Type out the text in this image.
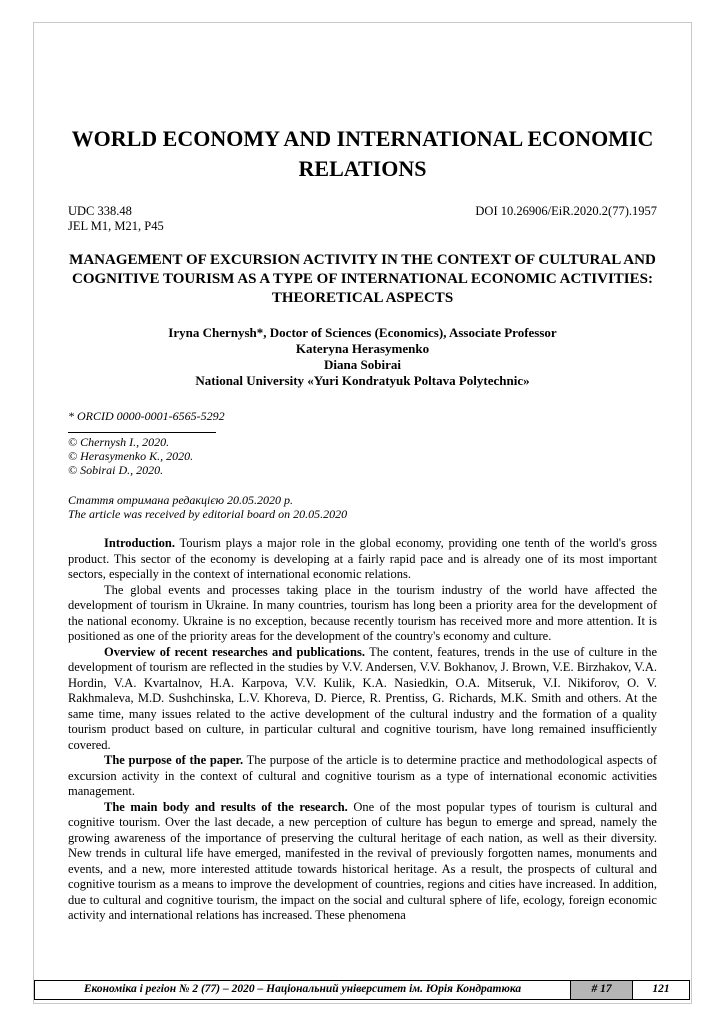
WORLD ECONOMY AND INTERNATIONAL ECONOMIC RELATIONS
UDC 338.48
JEL M1, M21, P45
DOI 10.26906/EiR.2020.2(77).1957
MANAGEMENT OF EXCURSION ACTIVITY IN THE CONTEXT OF CULTURAL AND COGNITIVE TOURISM AS A TYPE OF INTERNATIONAL ECONOMIC ACTIVITIES: THEORETICAL ASPECTS
Iryna Chernysh*, Doctor of Sciences (Economics), Associate Professor
Kateryna Herasymenko
Diana Sobirai
National University «Yuri Kondratyuk Poltava Polytechnic»
* ORCID 0000-0001-6565-5292
© Chernysh I., 2020.
© Herasymenko K., 2020.
© Sobirai D., 2020.
Стаття отримана редакцією 20.05.2020 р.
The article was received by editorial board on 20.05.2020

Introduction. Tourism plays a major role in the global economy, providing one tenth of the world's gross product. This sector of the economy is developing at a fairly rapid pace and is already one of its most important sectors, especially in the context of international economic relations.

The global events and processes taking place in the tourism industry of the world have affected the development of tourism in Ukraine. In many countries, tourism has long been a priority area for the development of the national economy. Ukraine is no exception, because recently tourism has received more and more attention. It is positioned as one of the priority areas for the development of the country's economy and culture.

Overview of recent researches and publications. The content, features, trends in the use of culture in the development of tourism are reflected in the studies by V.V. Andersen, V.V. Bokhanov, J. Brown, V.E. Birzhakov, V.A. Hordin, V.A. Kvartalnov, H.A. Karpova, V.V. Kulik, K.A. Nasiedkin, O.A. Mitseruk, V.I. Nikiforov, O. V. Rakhmaleva, M.D. Sushchinska, L.V. Khoreva, D. Pierce, R. Prentiss, G. Richards, M.K. Smith and others. At the same time, many issues related to the active development of the cultural industry and the formation of a quality tourism product based on culture, in particular cultural and cognitive tourism, have long remained insufficiently covered.

The purpose of the paper. The purpose of the article is to determine practice and methodological aspects of excursion activity in the context of cultural and cognitive tourism as a type of international economic activities management.

The main body and results of the research. One of the most popular types of tourism is cultural and cognitive tourism. Over the last decade, a new perception of culture has begun to emerge and spread, namely the growing awareness of the importance of preserving the cultural heritage of each nation, as well as their diversity. New trends in cultural life have emerged, manifested in the revival of previously forgotten names, monuments and events, and a new, more interested attitude towards historical heritage. As a result, the prospects of cultural and cognitive tourism as a means to improve the development of countries, regions and cities have increased. In addition, due to cultural and cognitive tourism, the impact on the social and cultural sphere of life, ecology, foreign economic activity and international relations has increased. These phenomena

Економіка і регіон № 2 (77) – 2020 – Національний університет ім. Юрія Кондратюка	# 17	121
